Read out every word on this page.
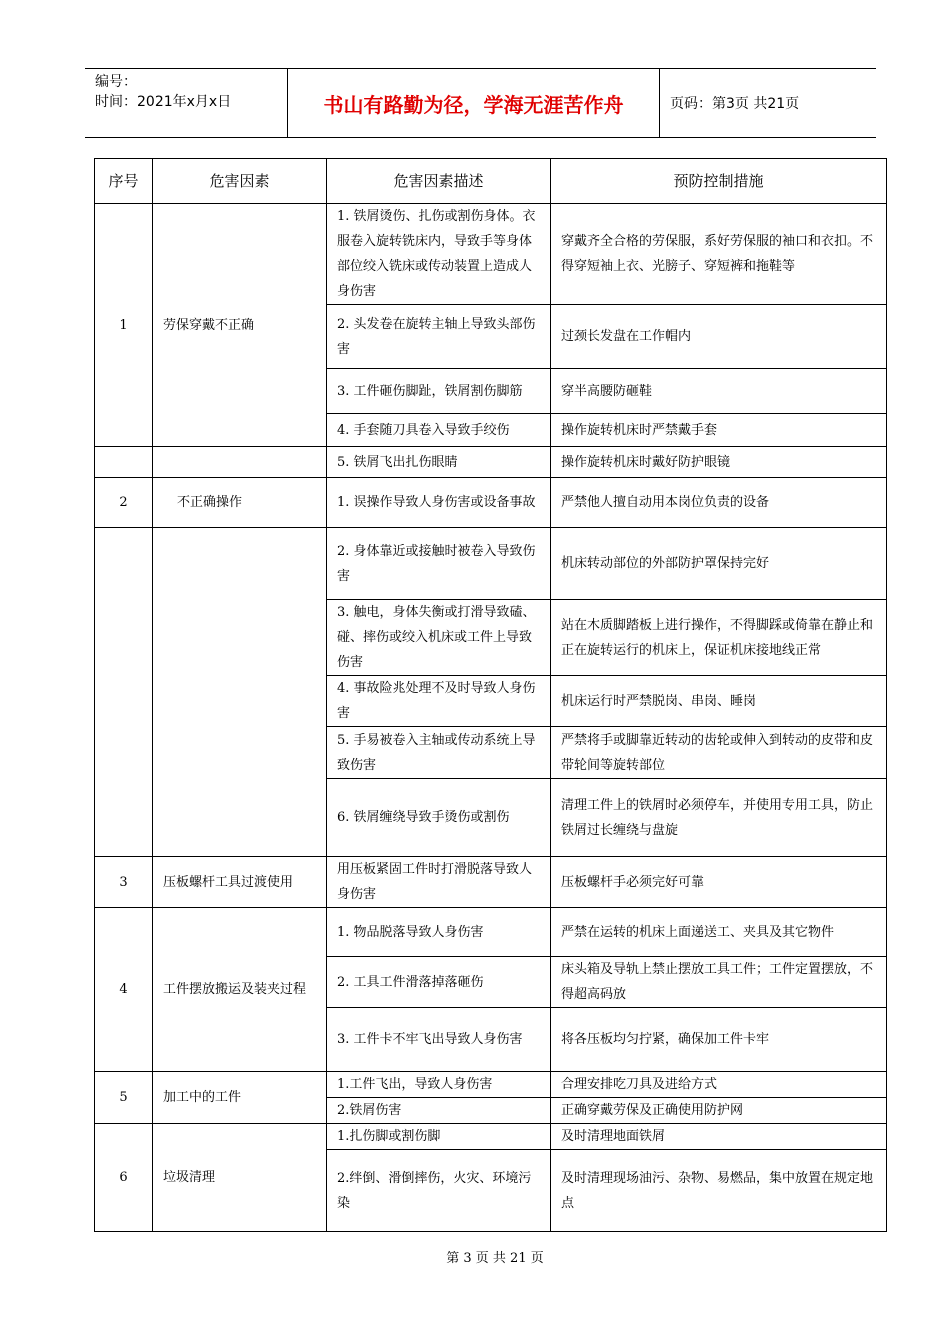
编号：
时间：2021年x月x日	书山有路勤为径，学海无涯苦作舟	页码：第3页 共21页
序号	危害因素	危害因素描述	预防控制措施
1	劳保穿戴不正确	1. 铁屑烫伤、扎伤或割伤身体。衣服卷入旋转铣床内，导致手等身体部位绞入铣床或传动装置上造成人身伤害	穿戴齐全合格的劳保服，系好劳保服的袖口和衣扣。不得穿短袖上衣、光膀子、穿短裤和拖鞋等
		2. 头发卷在旋转主轴上导致头部伤害	过颈长发盘在工作帽内
		3. 工件砸伤脚趾，铁屑割伤脚筋	穿半高腰防砸鞋
		4. 手套随刀具卷入导致手绞伤	操作旋转机床时严禁戴手套
		5. 铁屑飞出扎伤眼睛	操作旋转机床时戴好防护眼镜
2	不正确操作	1. 误操作导致人身伤害或设备事故	严禁他人擅自动用本岗位负责的设备
		2. 身体靠近或接触时被卷入导致伤害	机床转动部位的外部防护罩保持完好
		3. 触电，身体失衡或打滑导致磕、碰、摔伤或绞入机床或工件上导致伤害	站在木质脚踏板上进行操作，不得脚踩或倚靠在静止和正在旋转运行的机床上，保证机床接地线正常
		4. 事故险兆处理不及时导致人身伤害	机床运行时严禁脱岗、串岗、睡岗
		5. 手易被卷入主轴或传动系统上导致伤害	严禁将手或脚靠近转动的齿轮或伸入到转动的皮带和皮带轮间等旋转部位
		6. 铁屑缠绕导致手烫伤或割伤	清理工件上的铁屑时必须停车，并使用专用工具，防止铁屑过长缠绕与盘旋
3	压板螺杆工具过渡使用	用压板紧固工件时打滑脱落导致人身伤害	压板螺杆手必须完好可靠
4	工件摆放搬运及装夹过程	1. 物品脱落导致人身伤害	严禁在运转的机床上面递送工、夹具及其它物件
		2. 工具工件滑落掉落砸伤	床头箱及导轨上禁止摆放工具工件；工件定置摆放，不得超高码放
		3. 工件卡不牢飞出导致人身伤害	将各压板均匀拧紧，确保加工件卡牢
5	加工中的工件	1.工件飞出，导致人身伤害	合理安排吃刀具及进给方式
		2.铁屑伤害	正确穿戴劳保及正确使用防护网
6	垃圾清理	1.扎伤脚或割伤脚	及时清理地面铁屑
		2.绊倒、滑倒摔伤，火灾、环境污染	及时清理现场油污、杂物、易燃品，集中放置在规定地点
第 3 页 共 21 页
